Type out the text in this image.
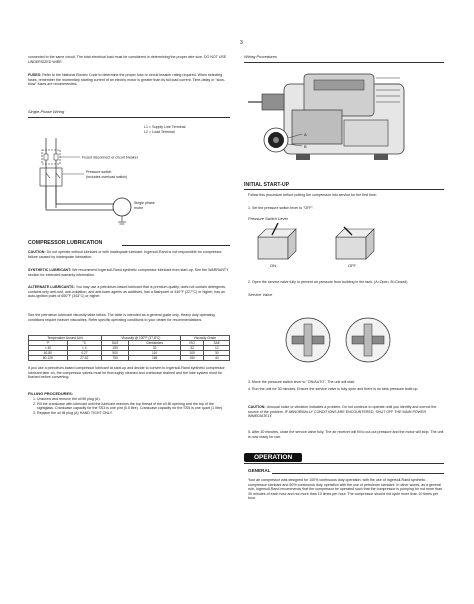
3
connected to the same circuit. The total electrical load must be considered in determining the proper wire size. DO NOT USE UNDERSIZED WIRE.
FUSES: Refer to the National Electric Code to determine the proper fuse or circuit breaker rating required. When selecting fuses, remember the momentary starting current of an electric motor is greater than its full load current. Time-delay or "slow-blow" fuses are recommended.
Single-Phase Wiring
L1 = Supply Line Terminal
L2 = Load Terminal
Fused disconnect or circuit breaker
Pressure switch
(includes overload switch)
Single phase
motor
COMPRESSOR LUBRICATION
CAUTION: Do not operate without lubricant or with inadequate lubricant. Ingersoll-Rand is not responsible for compressor failure caused by inadequate lubrication.
SYNTHETIC LUBRICANT: We recommend Ingersoll-Rand synthetic compressor lubricant from start-up. See the WARRANTY section for extended warranty information.
ALTERNATE LUBRICANTS: You may use a petroleum-based lubricant that is premium quality, does not contain detergents, contains only anti-rust, anti-oxidation, and anti-foam agents as additives, has a flashpoint of 440°F (227°C) or higher, has an auto-ignition point of 650°F (343°C) or higher.
See the petroleum lubricant viscosity table below. The table is intended as a general guide only. Heavy duty operating conditions require heavier viscosities. Refer specific operating conditions to your dealer for recommendations.
Temperature Around Unit		Viscosity @ 100°F (37.8°C)		Viscosity Grade	
°F	°C	SUS	Centistokes	ISO	SAE
< 40	< 4	150	32	32	10
40-80	4-27	500	110	100	30
80-125	27-52	750	165	150	40
If you use a petroleum-based compressor lubricant at start-up and decide to convert to Ingersoll-Rand synthetic compressor lubricant later on, the compressor valves must be thoroughly cleaned and crankcase drained and the lube system must be flushed before converting.
FILLING PROCEDURES:
1. Unscrew and remove the oil fill plug (A).
2. Fill the crankcase with lubricant until the lubricant reaches the top thread of the oil fill opening and the top of the sightglass. Crankcase capacity for the SS3 is one pint (0.5 litre). Crankcase capacity for the SS5 is one quart (1 litre).
3. Replace the oil fill plug (A) HAND TIGHT ONLY.
Wiring Procedures
A
B
INITIAL START-UP
Follow this procedure before putting the compressor into service for the first time:
1. Set the pressure switch lever to "OFF".
Pressure Switch Lever
ON	OFF
2. Open the service valve fully to prevent air pressure from building in the tank. (A=Open, B=Closed)
Service Valve
3. Move the pressure switch lever to "ON/AUTO". The unit will start.
4. Run the unit for 30 minutes. Ensure the service valve is fully open and there is no tank pressure build up.
CAUTION: Unusual noise or vibration indicates a problem. Do not continue to operate until you identify and correct the source of the problem. IF ABNORMALLY CONDITIONS ARE ENCOUNTERED, SHUT OFF THE MAIN POWER IMMEDIATELY.
5. After 30 minutes, close the service valve fully. The air receiver will fill to cut-out pressure and the motor will stop. The unit is now ready for use.
OPERATION
GENERAL
Your air compressor was designed for 100% continuous duty operation, with the use of Ingersoll-Rand synthetic compressor lubricant and 50% continuous duty operation with the use of petroleum lubricant. In other words, as a general rule, Ingersoll-Rand recommends that the compressor be operated such that the compressor is pumping for not more than 30 minutes of each hour and not more than 10 times per hour. The compressor should not cycle more than 10 times per hour.
